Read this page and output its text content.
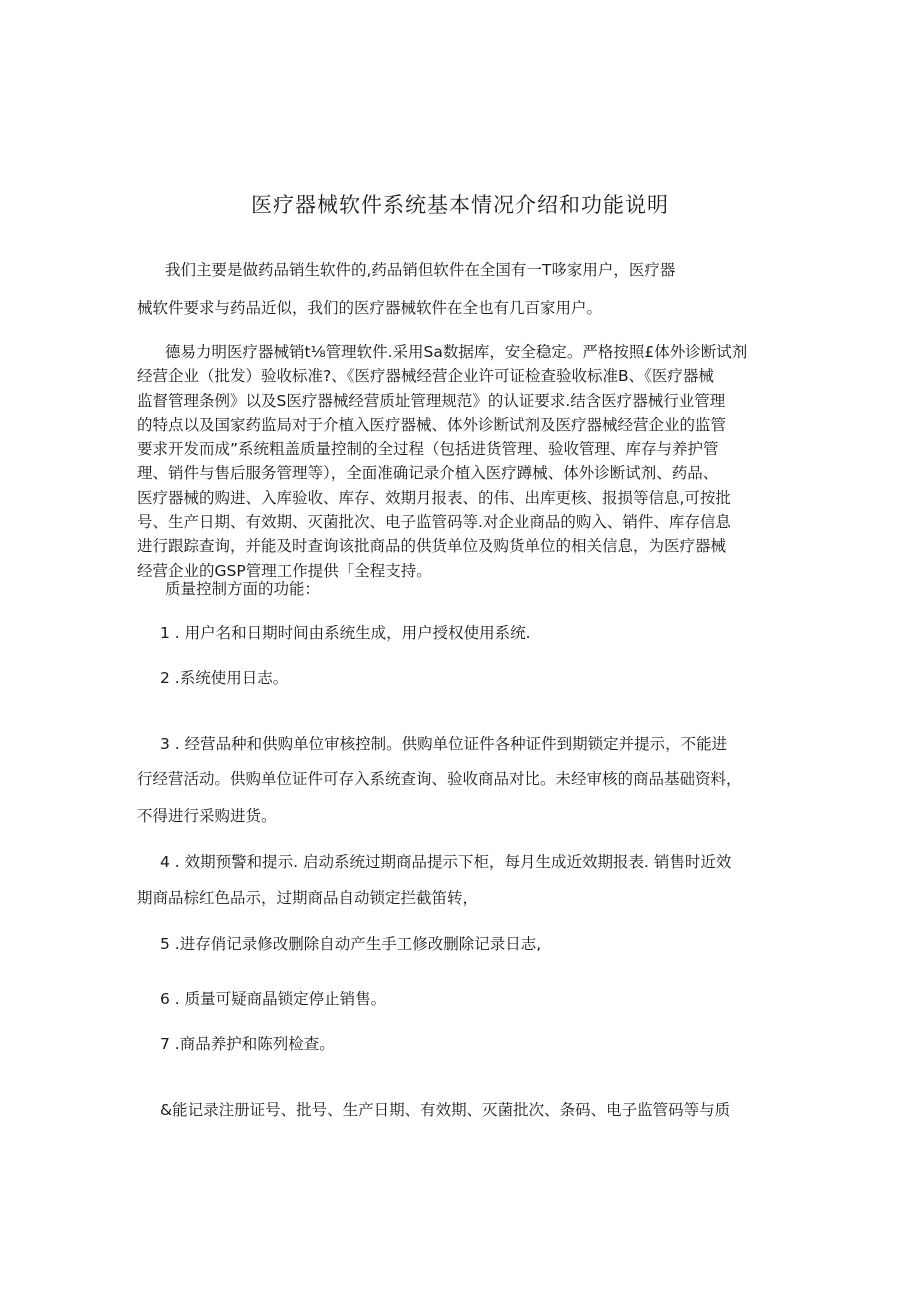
医疗器械软件系统基本情况介绍和功能说明

我们主要是做药品销生软件的,药品销但软件在全国有一T哆家用户，医疗器

械软件要求与药品近似，我们的医疗器械软件在全也有几百家用户。

德易力明医疗器械销t⅛管理软件.采用Sa数据库，安全稳定。严格按照£体外诊断试剂
经营企业（批发）验收标准?、《医疗器械经营企业许可证检查验收标准B、《医疗器械
监督管理条例》以及S医疗器械经营质址管理规范》的认证要求.结含医疗器械行业管理
的特点以及国家药监局对于介植入医疗器械、体外诊断试剂及医疗器械经营企业的监管
要求开发而成”系统粗盖质量控制的全过程（包括进货管理、验收管理、库存与养护管
理、销件与售后服务管理等），全面准确记录介植入医疗蹲械、体外诊断试剂、药品、
医疗器械的购进、入库验收、库存、效期月报表、的伟、出库更核、报损等信息,可按批
号、生产日期、有效期、灭菌批次、电子监管码等.对企业商品的购入、销件、库存信息
进行跟踪查询，并能及时查询该批商品的供货单位及购货单位的相关信息，为医疗器械
经营企业的GSP管理工作提供「全程支持。

质量控制方面的功能：

1 . 用户名和日期时间由系统生成，用户授权使用系统.

2 .系统使用日志。

3 . 经营品种和供购单位审核控制。供购单位证件各种证件到期锁定并提示，不能进

行经营活动。供购单位证件可存入系统查询、验收商品对比。未经审核的商品基础资料，

不得进行采购进货。

4 . 效期预警和提示. 启动系统过期商品提示下柜，每月生成近效期报表. 销售时近效

期商品棕红色品示，过期商品自动锁定拦截笛转，

5 .进存俏记录修改删除自动产生手工修改删除记录日志,

6 . 质量可疑商晶锁定停止销售。

7 .商品养护和陈列检查。

&能记录注册证号、批号、生产日期、有效期、灭菌批次、条码、电子监管码等与质
